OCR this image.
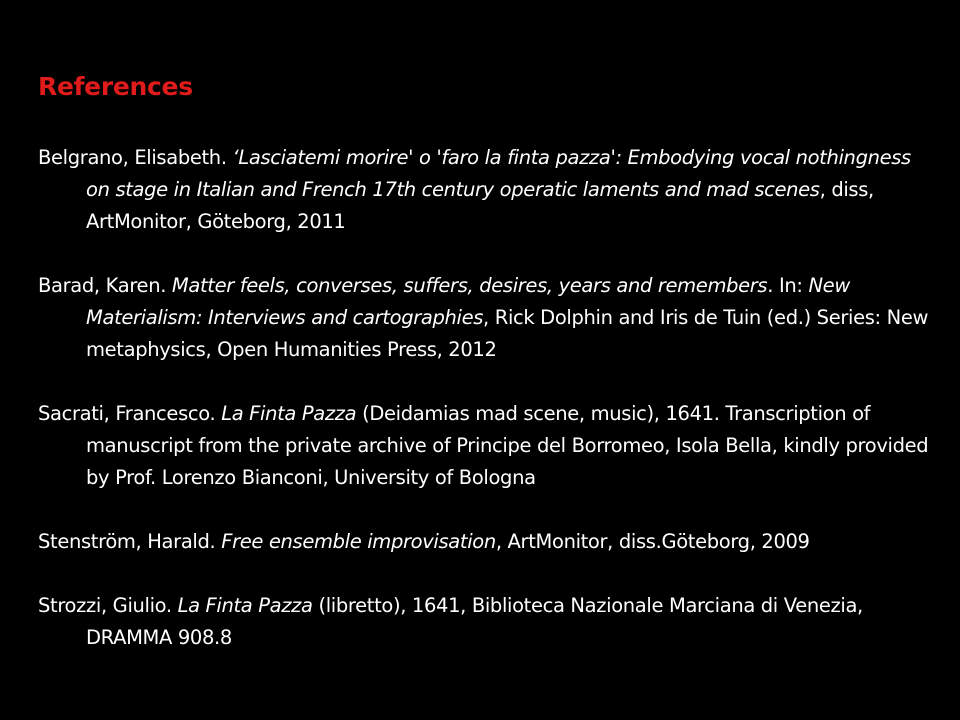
References

Belgrano, Elisabeth. ‘Lasciatemi morire' o 'faro la finta pazza': Embodying vocal nothingness on stage in Italian and French 17th century operatic laments and mad scenes, diss, ArtMonitor, Göteborg, 2011

Barad, Karen. Matter feels, converses, suffers, desires, years and remembers. In: New Materialism: Interviews and cartographies, Rick Dolphin and Iris de Tuin (ed.) Series: New metaphysics, Open Humanities Press, 2012

Sacrati, Francesco. La Finta Pazza (Deidamias mad scene, music), 1641. Transcription of manuscript from the private archive of Principe del Borromeo, Isola Bella, kindly provided by Prof. Lorenzo Bianconi, University of Bologna

Stenström, Harald. Free ensemble improvisation, ArtMonitor, diss.Göteborg, 2009

Strozzi, Giulio. La Finta Pazza (libretto), 1641, Biblioteca Nazionale Marciana di Venezia, DRAMMA 908.8
